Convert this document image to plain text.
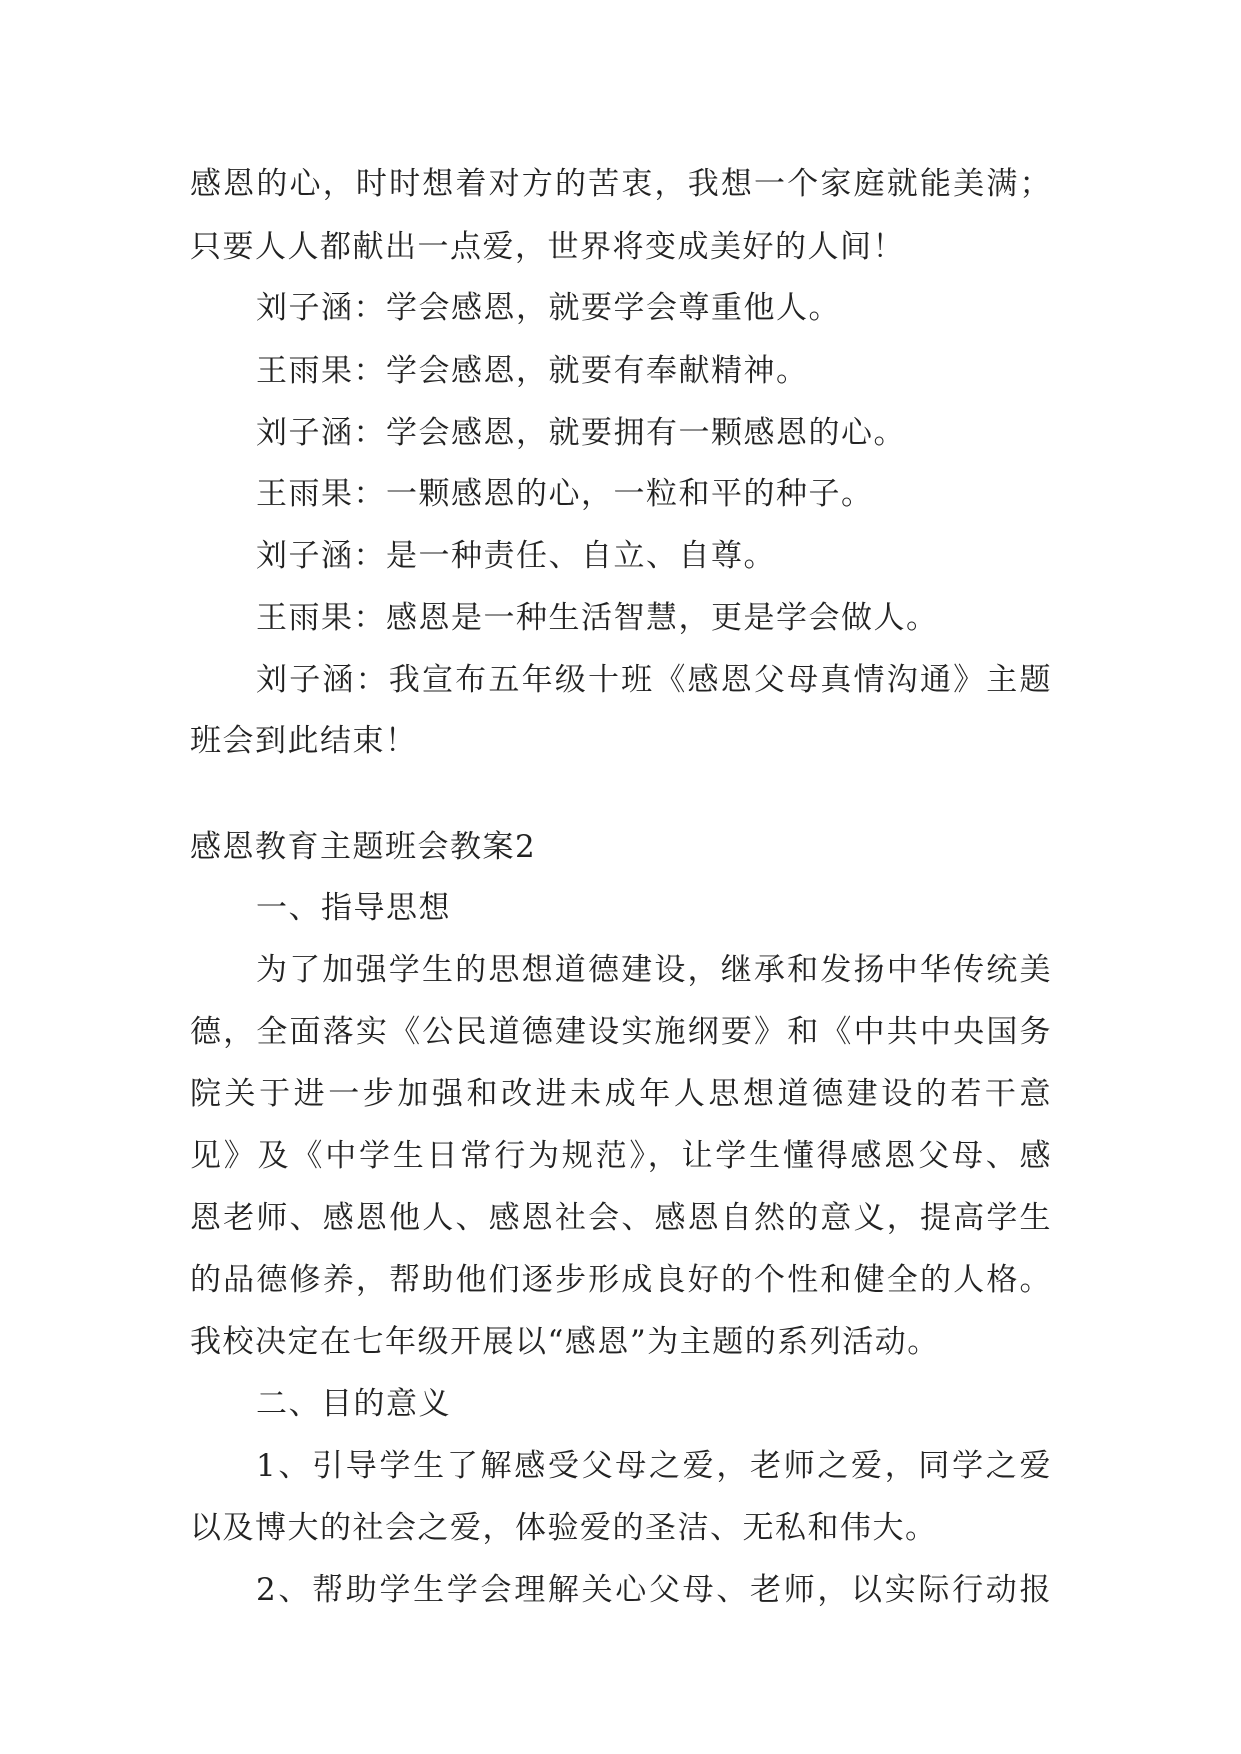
感恩的心，时时想着对方的苦衷，我想一个家庭就能美满；
只要人人都献出一点爱，世界将变成美好的人间！
刘子涵：学会感恩，就要学会尊重他人。
王雨果：学会感恩，就要有奉献精神。
刘子涵：学会感恩，就要拥有一颗感恩的心。
王雨果：一颗感恩的心，一粒和平的种子。
刘子涵：是一种责任、自立、自尊。
王雨果：感恩是一种生活智慧，更是学会做人。
刘子涵：我宣布五年级十班《感恩父母真情沟通》主题
班会到此结束！
感恩教育主题班会教案2
一、指导思想
为了加强学生的思想道德建设，继承和发扬中华传统美
德，全面落实《公民道德建设实施纲要》和《中共中央国务
院关于进一步加强和改进未成年人思想道德建设的若干意
见》及《中学生日常行为规范》，让学生懂得感恩父母、感
恩老师、感恩他人、感恩社会、感恩自然的意义，提高学生
的品德修养，帮助他们逐步形成良好的个性和健全的人格。
我校决定在七年级开展以“感恩”为主题的系列活动。
二、目的意义
1、引导学生了解感受父母之爱，老师之爱，同学之爱
以及博大的社会之爱，体验爱的圣洁、无私和伟大。
2、帮助学生学会理解关心父母、老师，以实际行动报
